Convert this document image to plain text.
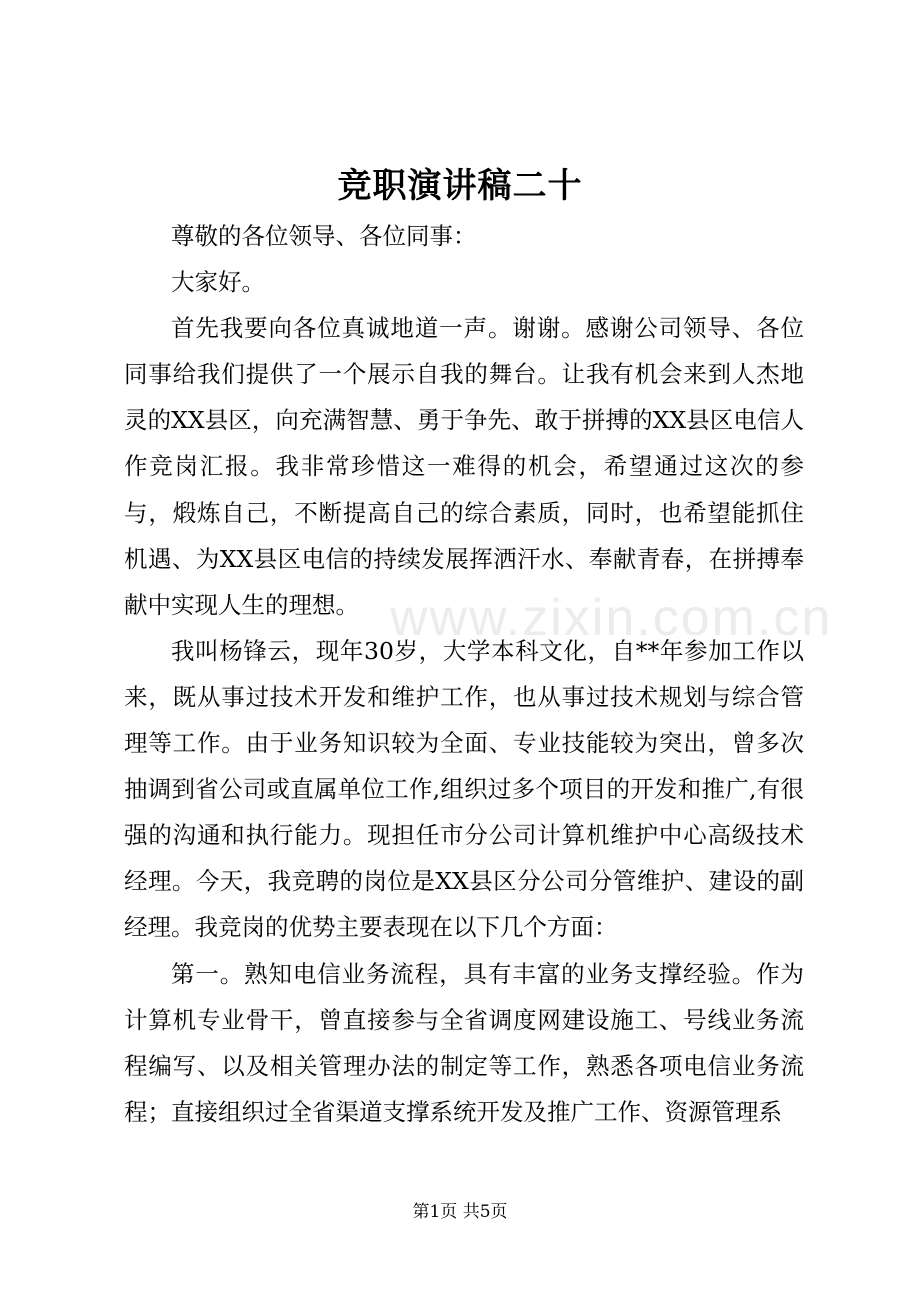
竞职演讲稿二十

尊敬的各位领导、各位同事：

大家好。

首先我要向各位真诚地道一声。谢谢。感谢公司领导、各位同事给我们提供了一个展示自我的舞台。让我有机会来到人杰地灵的XX县区，向充满智慧、勇于争先、敢于拼搏的XX县区电信人作竞岗汇报。我非常珍惜这一难得的机会，希望通过这次的参与，煅炼自己，不断提高自己的综合素质，同时，也希望能抓住机遇、为XX县区电信的持续发展挥洒汗水、奉献青春，在拼搏奉献中实现人生的理想。

我叫杨锋云，现年30岁，大学本科文化，自**年参加工作以来，既从事过技术开发和维护工作，也从事过技术规划与综合管理等工作。由于业务知识较为全面、专业技能较为突出，曾多次抽调到省公司或直属单位工作,组织过多个项目的开发和推广,有很强的沟通和执行能力。现担任市分公司计算机维护中心高级技术经理。今天，我竞聘的岗位是XX县区分公司分管维护、建设的副经理。我竞岗的优势主要表现在以下几个方面：

第一。熟知电信业务流程，具有丰富的业务支撑经验。作为计算机专业骨干，曾直接参与全省调度网建设施工、号线业务流程编写、以及相关管理办法的制定等工作，熟悉各项电信业务流程；直接组织过全省渠道支撑系统开发及推广工作、资源管理系

www.zixin.com.cn
第1页 共5页
